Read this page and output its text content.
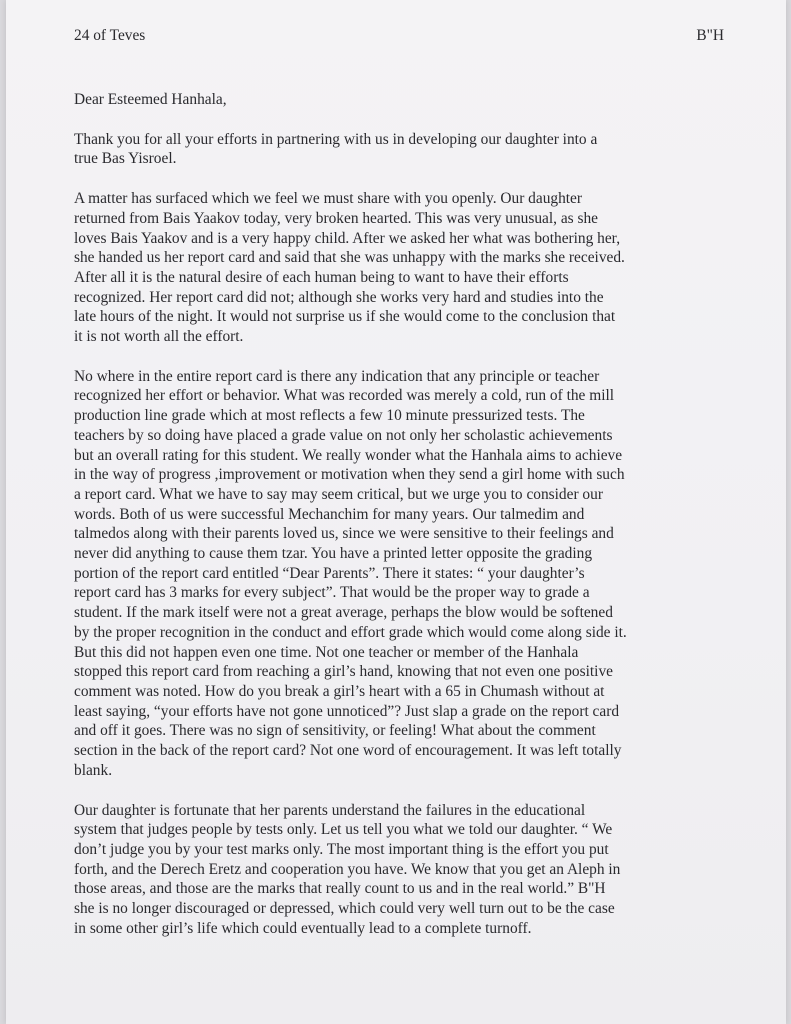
24 of Teves	B"H

Dear Esteemed Hanhala,

Thank you for all your efforts in partnering with us in developing our daughter into a
true Bas Yisroel.
A matter has surfaced which we feel we must share with you openly. Our daughter
returned from Bais Yaakov today, very broken hearted. This was very unusual, as she
loves Bais Yaakov and is a very happy child. After we asked her what was bothering her,
she handed us her report card and said that she was unhappy with the marks she received.
After all it is the natural desire of each human being to want to have their efforts
recognized. Her report card did not; although she works very hard and studies into the
late hours of the night. It would not surprise us if she would come to the conclusion that
it is not worth all the effort.
No where in the entire report card is there any indication that any principle or teacher
recognized her effort or behavior. What was recorded was merely a cold, run of the mill
production line grade which at most reflects a few 10 minute pressurized tests. The
teachers by so doing have placed a grade value on not only her scholastic achievements
but an overall rating for this student. We really wonder what the Hanhala aims to achieve
in the way of progress ,improvement or motivation when they send a girl home with such
a report card. What we have to say may seem critical, but we urge you to consider our
words. Both of us were successful Mechanchim for many years. Our talmedim and
talmedos along with their parents loved us, since we were sensitive to their feelings and
never did anything to cause them tzar. You have a printed letter opposite the grading
portion of the report card entitled “Dear Parents”. There it states: “ your daughter’s
report card has 3 marks for every subject”. That would be the proper way to grade a
student. If the mark itself were not a great average, perhaps the blow would be softened
by the proper recognition in the conduct and effort grade which would come along side it.
But this did not happen even one time. Not one teacher or member of the Hanhala
stopped this report card from reaching a girl’s hand, knowing that not even one positive
comment was noted. How do you break a girl’s heart with a 65 in Chumash without at
least saying, “your efforts have not gone unnoticed”? Just slap a grade on the report card
and off it goes. There was no sign of sensitivity, or feeling! What about the comment
section in the back of the report card? Not one word of encouragement. It was left totally
blank.
Our daughter is fortunate that her parents understand the failures in the educational
system that judges people by tests only. Let us tell you what we told our daughter. “ We
don’t judge you by your test marks only. The most important thing is the effort you put
forth, and the Derech Eretz and cooperation you have. We know that you get an Aleph in
those areas, and those are the marks that really count to us and in the real world.” B"H
she is no longer discouraged or depressed, which could very well turn out to be the case
in some other girl’s life which could eventually lead to a complete turnoff.
